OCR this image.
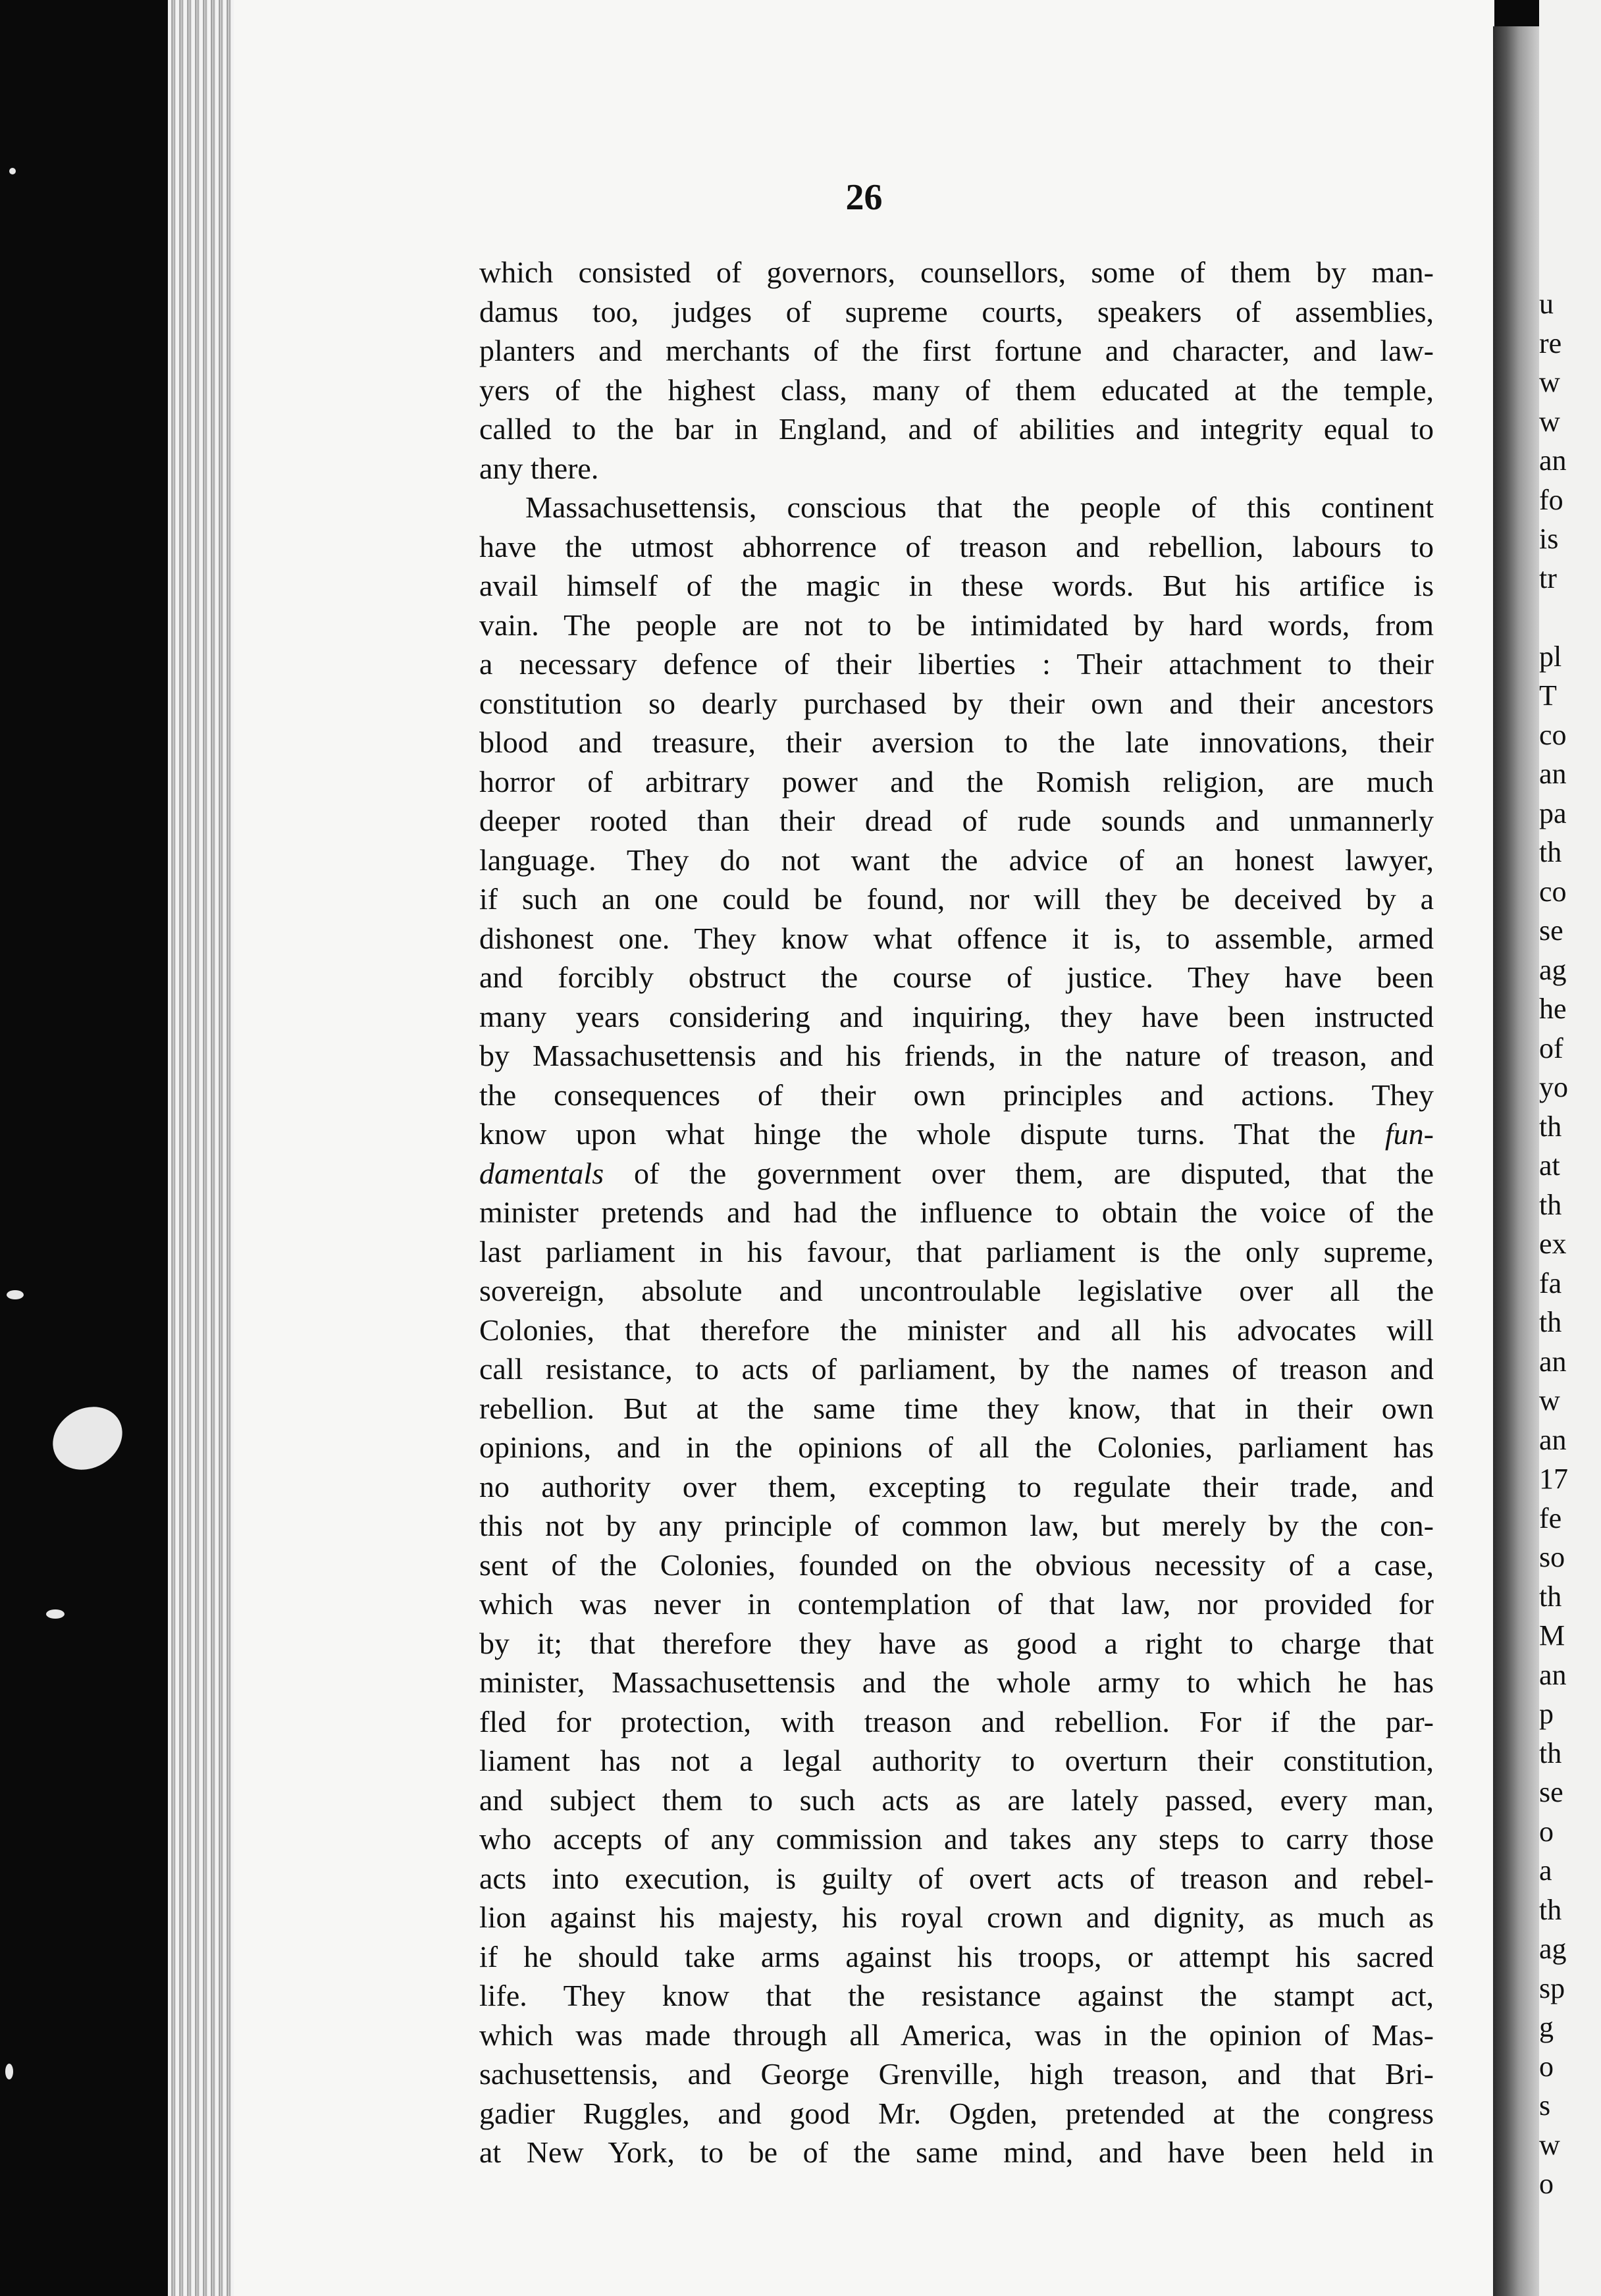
26
u
re
w
w
an
fo
is
tr
pl
T
co
an
pa
th
co
se
ag
he
of
yo
th
at
th
ex
fa
th
an
w
an
17
fe
so
th
M
an
p
th
se
o
a
th
ag
sp
g
o
s
w
o
which consisted of governors, counsellors, some of them by man-
damus too, judges of supreme courts, speakers of assemblies,
planters and merchants of the first fortune and character, and law-
yers of the highest class, many of them educated at the temple,
called to the bar in England, and of abilities and integrity equal to
any there.
Massachusettensis, conscious that the people of this continent
have the utmost abhorrence of treason and rebellion, labours to
avail himself of the magic in these words. But his artifice is
vain. The people are not to be intimidated by hard words, from
a necessary defence of their liberties : Their attachment to their
constitution so dearly purchased by their own and their ancestors
blood and treasure, their aversion to the late innovations, their
horror of arbitrary power and the Romish religion, are much
deeper rooted than their dread of rude sounds and unmannerly
language. They do not want the advice of an honest lawyer,
if such an one could be found, nor will they be deceived by a
dishonest one. They know what offence it is, to assemble, armed
and forcibly obstruct the course of justice. They have been
many years considering and inquiring, they have been instructed
by Massachusettensis and his friends, in the nature of treason, and
the consequences of their own principles and actions. They
know upon what hinge the whole dispute turns. That the fun-
damentals of the government over them, are disputed, that the
minister pretends and had the influence to obtain the voice of the
last parliament in his favour, that parliament is the only supreme,
sovereign, absolute and uncontroulable legislative over all the
Colonies, that therefore the minister and all his advocates will
call resistance, to acts of parliament, by the names of treason and
rebellion. But at the same time they know, that in their own
opinions, and in the opinions of all the Colonies, parliament has
no authority over them, excepting to regulate their trade, and
this not by any principle of common law, but merely by the con-
sent of the Colonies, founded on the obvious necessity of a case,
which was never in contemplation of that law, nor provided for
by it; that therefore they have as good a right to charge that
minister, Massachusettensis and the whole army to which he has
fled for protection, with treason and rebellion. For if the par-
liament has not a legal authority to overturn their constitution,
and subject them to such acts as are lately passed, every man,
who accepts of any commission and takes any steps to carry those
acts into execution, is guilty of overt acts of treason and rebel-
lion against his majesty, his royal crown and dignity, as much as
if he should take arms against his troops, or attempt his sacred
life. They know that the resistance against the stampt act,
which was made through all America, was in the opinion of Mas-
sachusettensis, and George Grenville, high treason, and that Bri-
gadier Ruggles, and good Mr. Ogden, pretended at the congress
at New York, to be of the same mind, and have been held in
